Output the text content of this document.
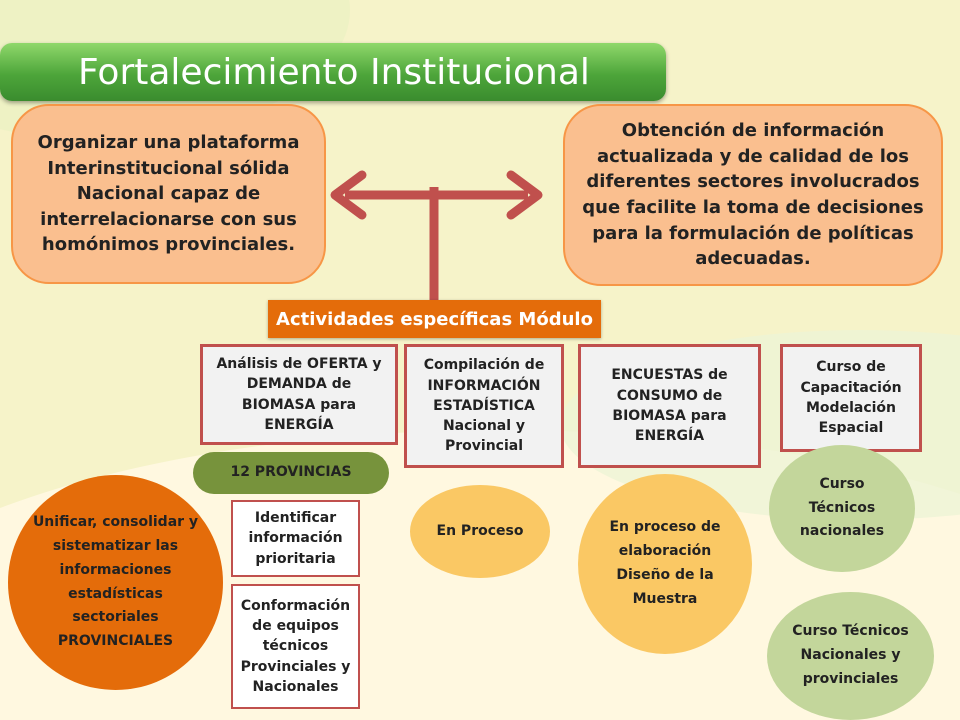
Fortalecimiento Institucional
Organizar una plataforma Interinstitucional sólida Nacional capaz de interrelacionarse con sus homónimos provinciales.
Obtención de información actualizada y de calidad de los diferentes sectores involucrados que facilite la toma de decisiones para la formulación de políticas adecuadas.
Actividades específicas Módulo
Análisis de OFERTA y DEMANDA de BIOMASA para ENERGÍA
Compilación de INFORMACIÓN ESTADÍSTICA Nacional y Provincial
ENCUESTAS de CONSUMO de BIOMASA para ENERGÍA
Curso de Capacitación Modelación Espacial
12 PROVINCIAS
Identificar información prioritaria
Conformación de equipos técnicos Provinciales y Nacionales
Unificar, consolidar y sistematizar las informaciones estadísticas sectoriales PROVINCIALES
En Proceso	En proceso de elaboración Diseño de la Muestra
Curso Técnicos nacionales
Curso Técnicos Nacionales y provinciales
